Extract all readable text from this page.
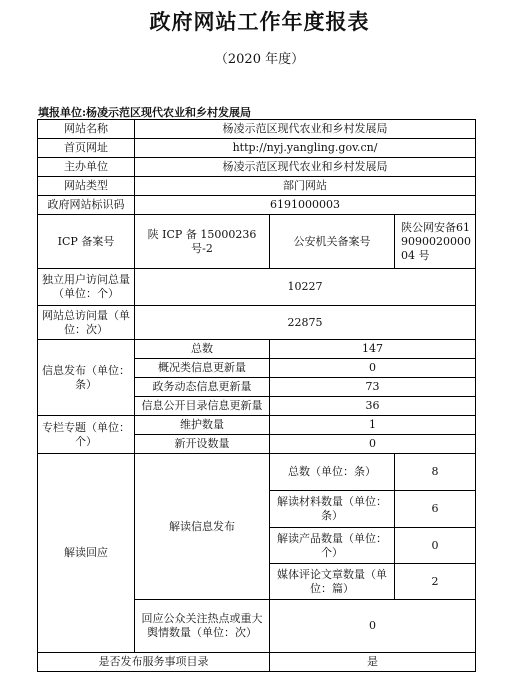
政府网站工作年度报表
（2020 年度）
填报单位:杨凌示范区现代农业和乡村发展局
网站名称	杨凌示范区现代农业和乡村发展局		
首页网址	http://nyj.yangling.gov.cn/		
主办单位	杨凌示范区现代农业和乡村发展局		
网站类型	部门网站		
政府网站标识码	6191000003		
ICP 备案号	陕 ICP 备 15000236 号-2	公安机关备案号	陕公网安备61909002000004 号
独立用户访问总量（单位：个）	10227		
网站总访问量（单位：次）	22875		
信息发布（单位：条）	总数	147	
	概况类信息更新量	0	
	政务动态信息更新量	73	
	信息公开目录信息更新量	36	
专栏专题（单位：个）	维护数量	1	
	新开设数量	0	
解读回应	解读信息发布	总数（单位：条）	8
		解读材料数量（单位：条）	6
		解读产品数量（单位：个）	0
		媒体评论文章数量（单位：篇）	2
	回应公众关注热点或重大舆情数量（单位：次）	0	
是否发布服务事项目录		是	
